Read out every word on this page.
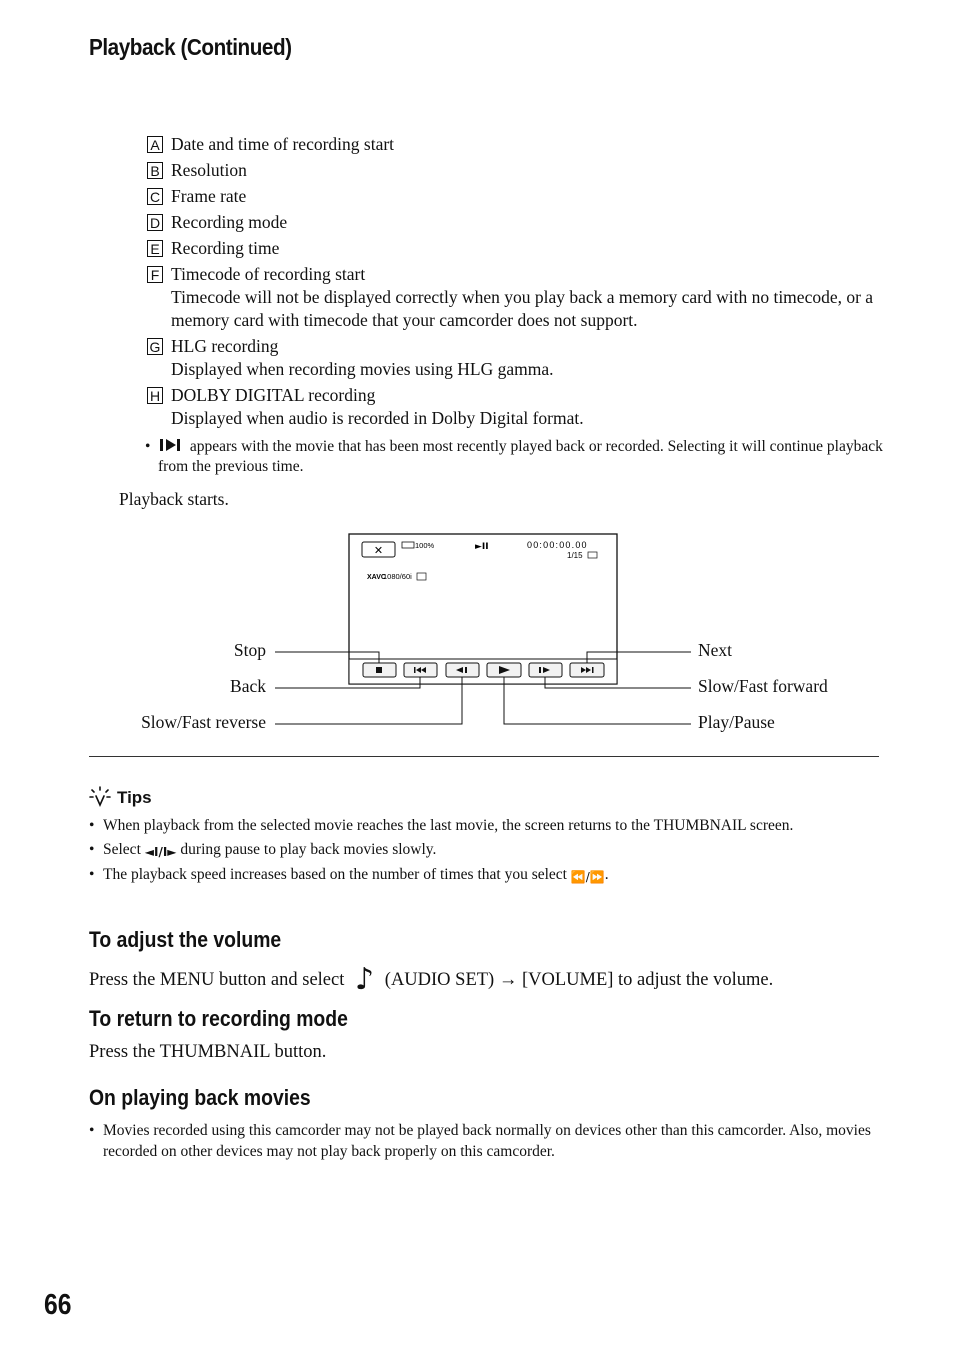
Playback (Continued)
A Date and time of recording start
B Resolution
C Frame rate
D Recording mode
E Recording time
F Timecode of recording start
Timecode will not be displayed correctly when you play back a memory card with no timecode, or a memory card with timecode that your camcorder does not support.
G HLG recording
Displayed when recording movies using HLG gamma.
H DOLBY DIGITAL recording
Displayed when audio is recorded in Dolby Digital format.
•	appears with the movie that has been most recently played back or recorded. Selecting it will continue playback from the previous time.
Playback starts.
✕	100%	►II	00:00:00.00
1/15
XAVC
1080/60i
Stop
Back
Slow/Fast reverse
Next
Slow/Fast forward
Play/Pause
Tips
• When playback from the selected movie reaches the last movie, the screen returns to the THUMBNAIL screen.
• Select ◄I/I► during pause to play back movies slowly.
• The playback speed increases based on the number of times that you select ⏪/⏩.
To adjust the volume
Press the MENU button and select ♪ (AUDIO SET) → [VOLUME] to adjust the volume.
To return to recording mode
Press the THUMBNAIL button.
On playing back movies
• Movies recorded using this camcorder may not be played back normally on devices other than this camcorder. Also, movies recorded on other devices may not play back properly on this camcorder.
66
